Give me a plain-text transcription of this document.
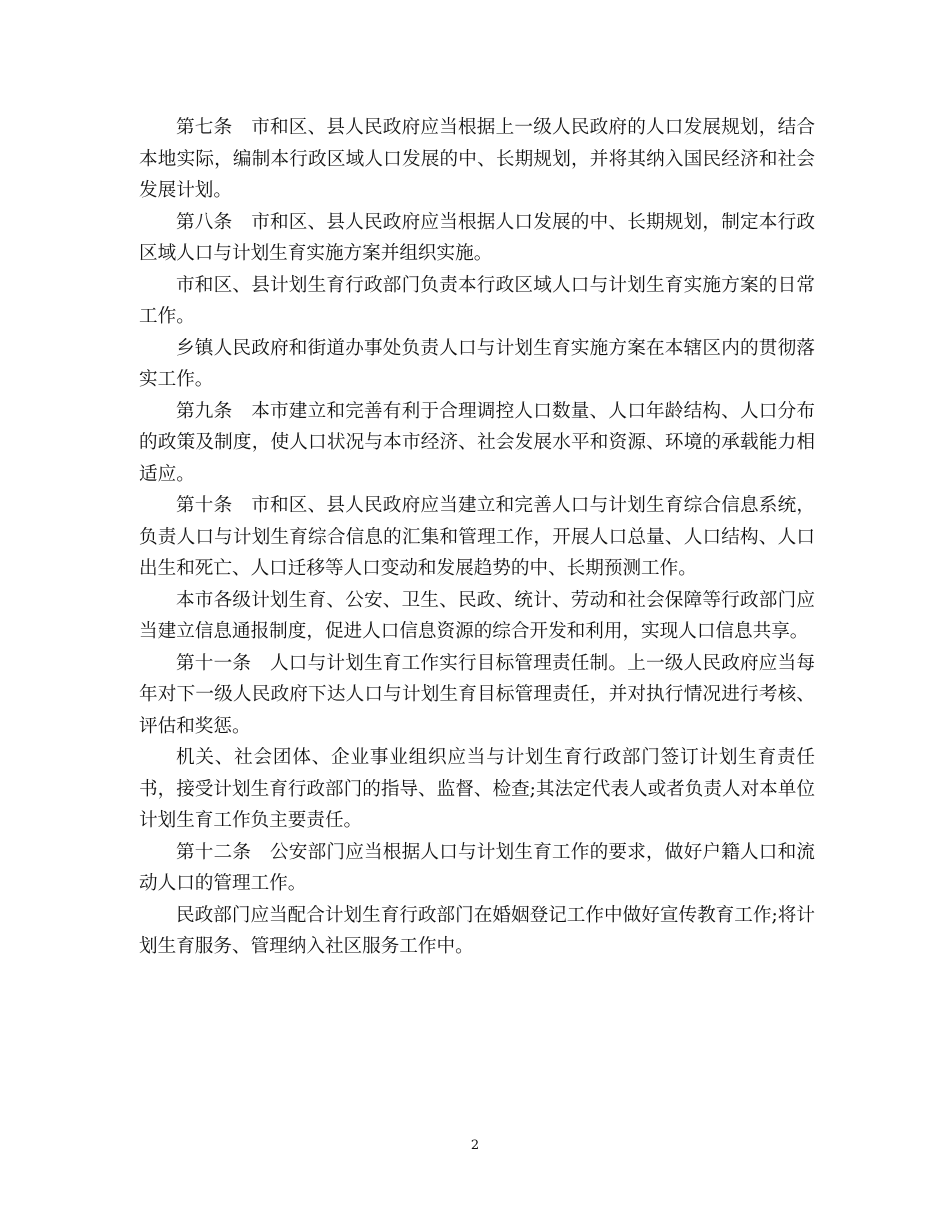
第七条　市和区、县人民政府应当根据上一级人民政府的人口发展规划，结合本地实际，编制本行政区域人口发展的中、长期规划，并将其纳入国民经济和社会发展计划。

第八条　市和区、县人民政府应当根据人口发展的中、长期规划，制定本行政区域人口与计划生育实施方案并组织实施。

市和区、县计划生育行政部门负责本行政区域人口与计划生育实施方案的日常工作。

乡镇人民政府和街道办事处负责人口与计划生育实施方案在本辖区内的贯彻落实工作。

第九条　本市建立和完善有利于合理调控人口数量、人口年龄结构、人口分布的政策及制度，使人口状况与本市经济、社会发展水平和资源、环境的承载能力相适应。

第十条　市和区、县人民政府应当建立和完善人口与计划生育综合信息系统，负责人口与计划生育综合信息的汇集和管理工作，开展人口总量、人口结构、人口出生和死亡、人口迁移等人口变动和发展趋势的中、长期预测工作。

本市各级计划生育、公安、卫生、民政、统计、劳动和社会保障等行政部门应当建立信息通报制度，促进人口信息资源的综合开发和利用，实现人口信息共享。

第十一条　人口与计划生育工作实行目标管理责任制。上一级人民政府应当每年对下一级人民政府下达人口与计划生育目标管理责任，并对执行情况进行考核、评估和奖惩。

机关、社会团体、企业事业组织应当与计划生育行政部门签订计划生育责任书，接受计划生育行政部门的指导、监督、检查;其法定代表人或者负责人对本单位计划生育工作负主要责任。

第十二条　公安部门应当根据人口与计划生育工作的要求，做好户籍人口和流动人口的管理工作。

民政部门应当配合计划生育行政部门在婚姻登记工作中做好宣传教育工作;将计划生育服务、管理纳入社区服务工作中。

2
